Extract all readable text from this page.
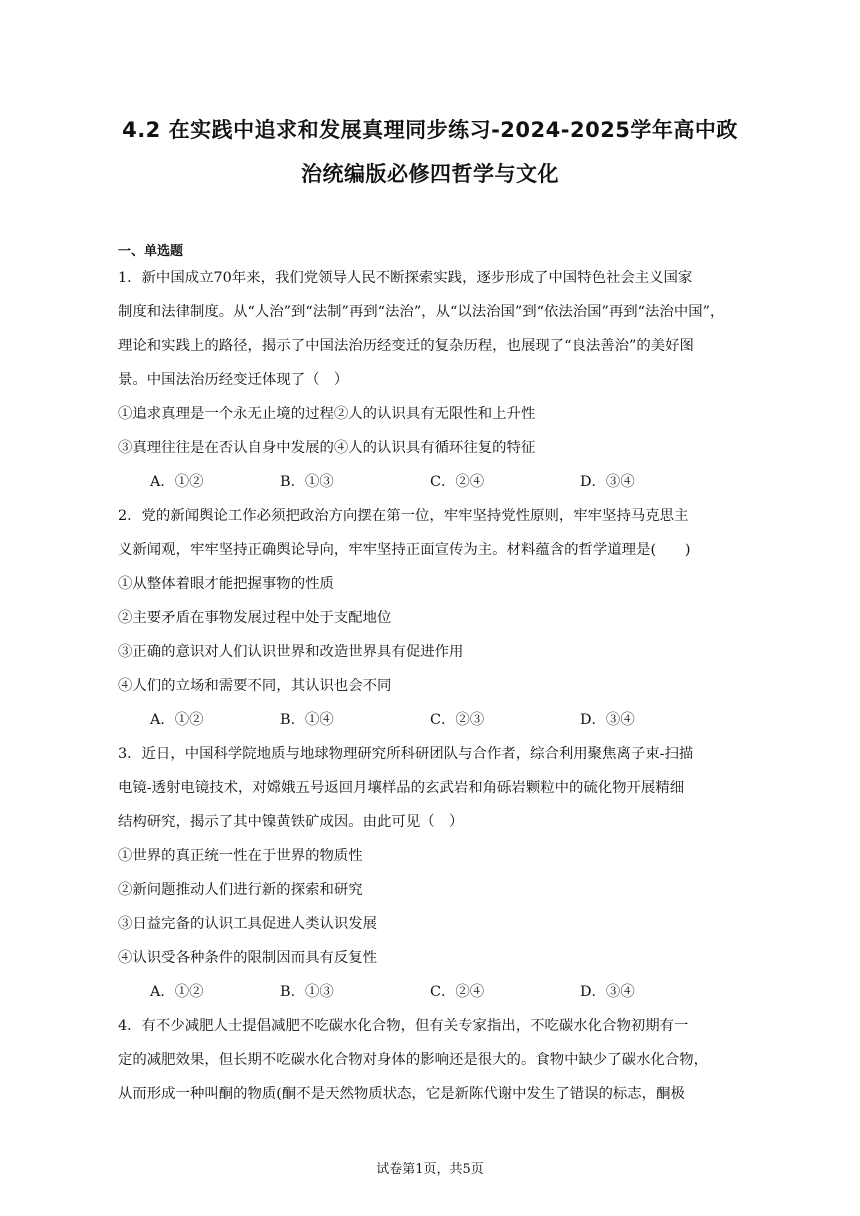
4.2 在实践中追求和发展真理同步练习-2024-2025学年高中政
治统编版必修四哲学与文化
一、单选题
1．新中国成立70年来，我们党领导人民不断探索实践，逐步形成了中国特色社会主义国家
制度和法律制度。从“人治”到“法制”再到“法治”，从“以法治国”到“依法治国”再到“法治中国”，
理论和实践上的路径，揭示了中国法治历经变迁的复杂历程，也展现了“良法善治”的美好图
景。中国法治历经变迁体现了（　）
①追求真理是一个永无止境的过程②人的认识具有无限性和上升性
③真理往往是在否认自身中发展的④人的认识具有循环往复的特征
A．①②	B．①③	C．②④	D．③④
2．党的新闻舆论工作必须把政治方向摆在第一位，牢牢坚持党性原则，牢牢坚持马克思主
义新闻观，牢牢坚持正确舆论导向，牢牢坚持正面宣传为主。材料蕴含的哲学道理是(　　)
①从整体着眼才能把握事物的性质
②主要矛盾在事物发展过程中处于支配地位
③正确的意识对人们认识世界和改造世界具有促进作用
④人们的立场和需要不同，其认识也会不同
A．①②	B．①④	C．②③	D．③④
3．近日，中国科学院地质与地球物理研究所科研团队与合作者，综合利用聚焦离子束-扫描
电镜-透射电镜技术，对嫦娥五号返回月壤样品的玄武岩和角砾岩颗粒中的硫化物开展精细
结构研究，揭示了其中镍黄铁矿成因。由此可见（　）
①世界的真正统一性在于世界的物质性
②新问题推动人们进行新的探索和研究
③日益完备的认识工具促进人类认识发展
④认识受各种条件的限制因而具有反复性
A．①②	B．①③	C．②④	D．③④
4．有不少减肥人士提倡减肥不吃碳水化合物，但有关专家指出，不吃碳水化合物初期有一
定的减肥效果，但长期不吃碳水化合物对身体的影响还是很大的。食物中缺少了碳水化合物，
从而形成一种叫酮的物质(酮不是天然物质状态，它是新陈代谢中发生了错误的标志，酮极
试卷第1页，共5页
